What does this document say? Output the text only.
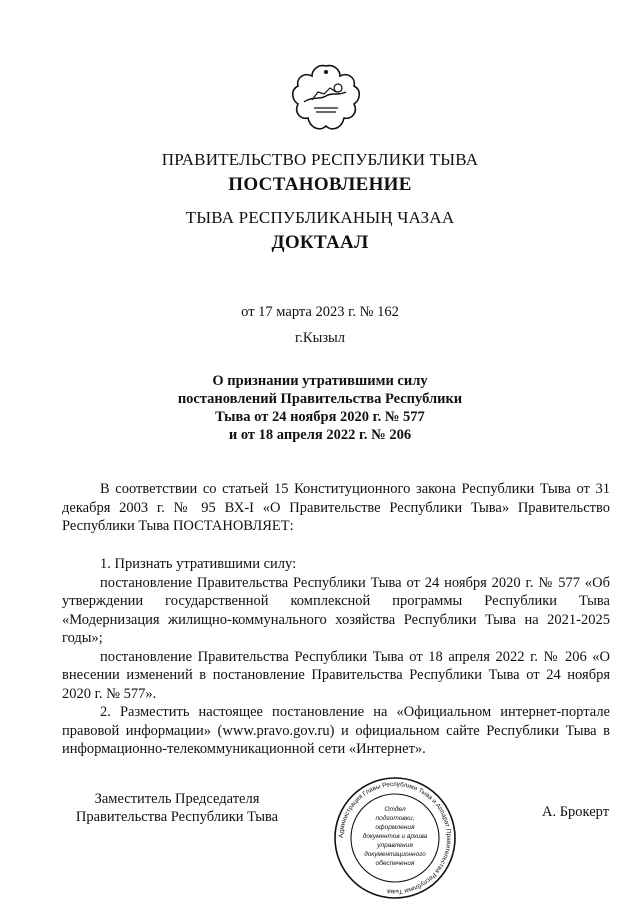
ПРАВИТЕЛЬСТВО РЕСПУБЛИКИ ТЫВА
ПОСТАНОВЛЕНИЕ
ТЫВА РЕСПУБЛИКАНЫҢ ЧАЗАА
ДОКТААЛ
от 17 марта 2023 г. № 162
г.Кызыл
О признании утратившими силу
постановлений Правительства Республики
Тыва от 24 ноября 2020 г. № 577
и от 18 апреля 2022 г. № 206

В соответствии со статьей 15 Конституционного закона Республики Тыва от 31 декабря 2003 г. № 95 ВХ-I «О Правительстве Республики Тыва» Правительство Республики Тыва ПОСТАНОВЛЯЕТ:

1. Признать утратившими силу:

постановление Правительства Республики Тыва от 24 ноября 2020 г. № 577 «Об утверждении государственной комплексной программы Республики Тыва «Модернизация жилищно-коммунального хозяйства Республики Тыва на 2021-2025 годы»;

постановление Правительства Республики Тыва от 18 апреля 2022 г. № 206 «О внесении изменений в постановление Правительства Республики Тыва от 24 ноября 2020 г. № 577».

2. Разместить настоящее постановление на «Официальном интернет-портале правовой информации» (www.pravo.gov.ru) и официальном сайте Республики Тыва в информационно-телекоммуникационной сети «Интернет».

Заместитель Председателя
Правительства Республики Тыва	А. Брокерт
Администрация Главы Республики Тыва и Аппарат Правительства Республики Тыва
Отдел
подготовки,
оформления
документов и архива
управления
документационного
обеспечения
